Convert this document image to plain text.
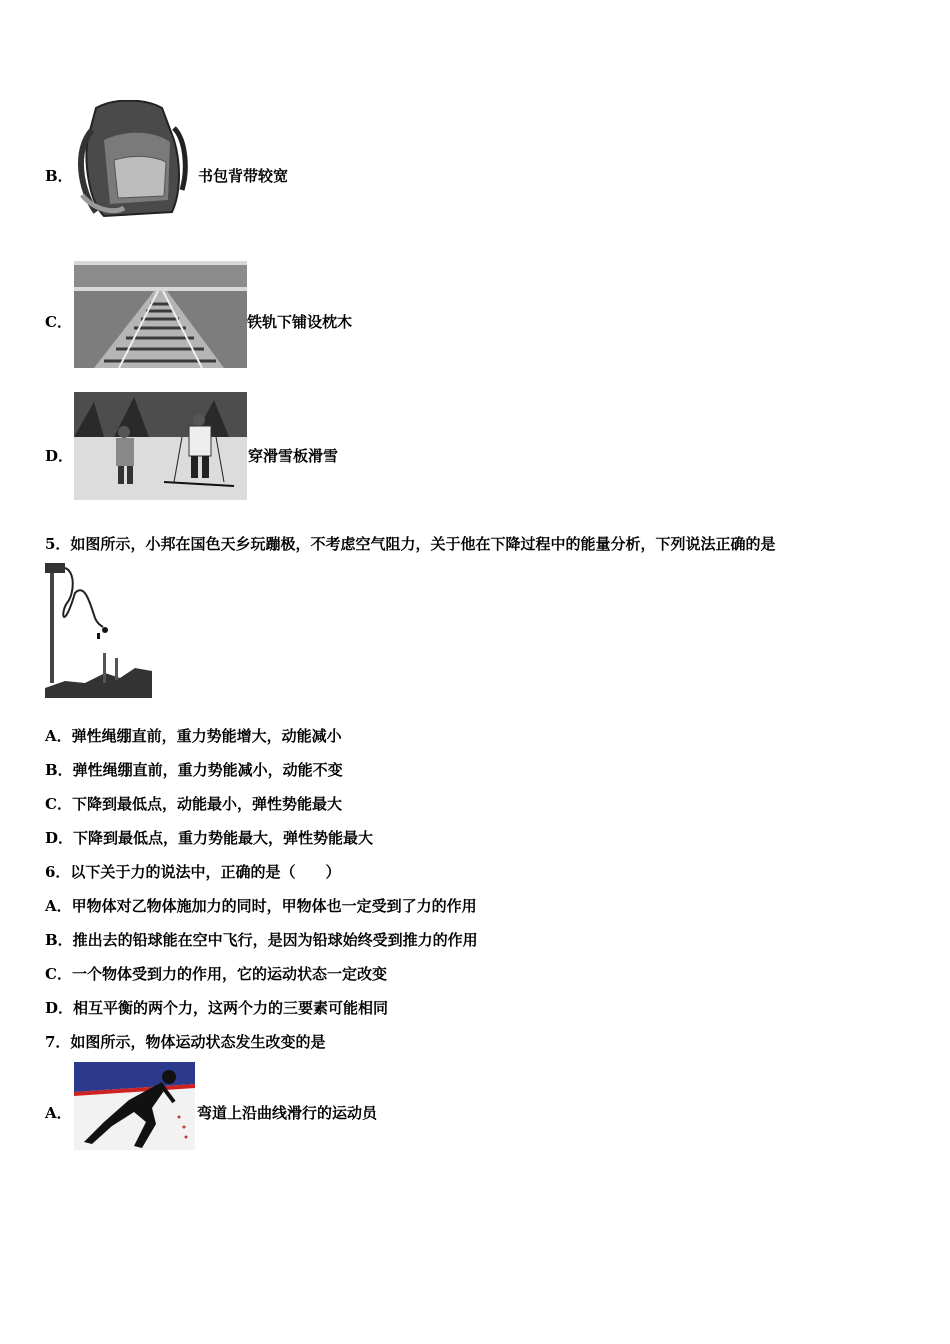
B．	书包背带较宽
C．	铁轨下铺设枕木
D．	穿滑雪板滑雪
5．如图所示，小邦在国色天乡玩蹦极，不考虑空气阻力，关于他在下降过程中的能量分析，下列说法正确的是
A．弹性绳绷直前，重力势能增大，动能减小
B．弹性绳绷直前，重力势能减小，动能不变
C．下降到最低点，动能最小，弹性势能最大
D．下降到最低点，重力势能最大，弹性势能最大
6．以下关于力的说法中，正确的是（　　）
A．甲物体对乙物体施加力的同时，甲物体也一定受到了力的作用
B．推出去的铅球能在空中飞行，是因为铅球始终受到推力的作用
C．一个物体受到力的作用，它的运动状态一定改变
D．相互平衡的两个力，这两个力的三要素可能相同
7．如图所示，物体运动状态发生改变的是
A．	弯道上沿曲线滑行的运动员
